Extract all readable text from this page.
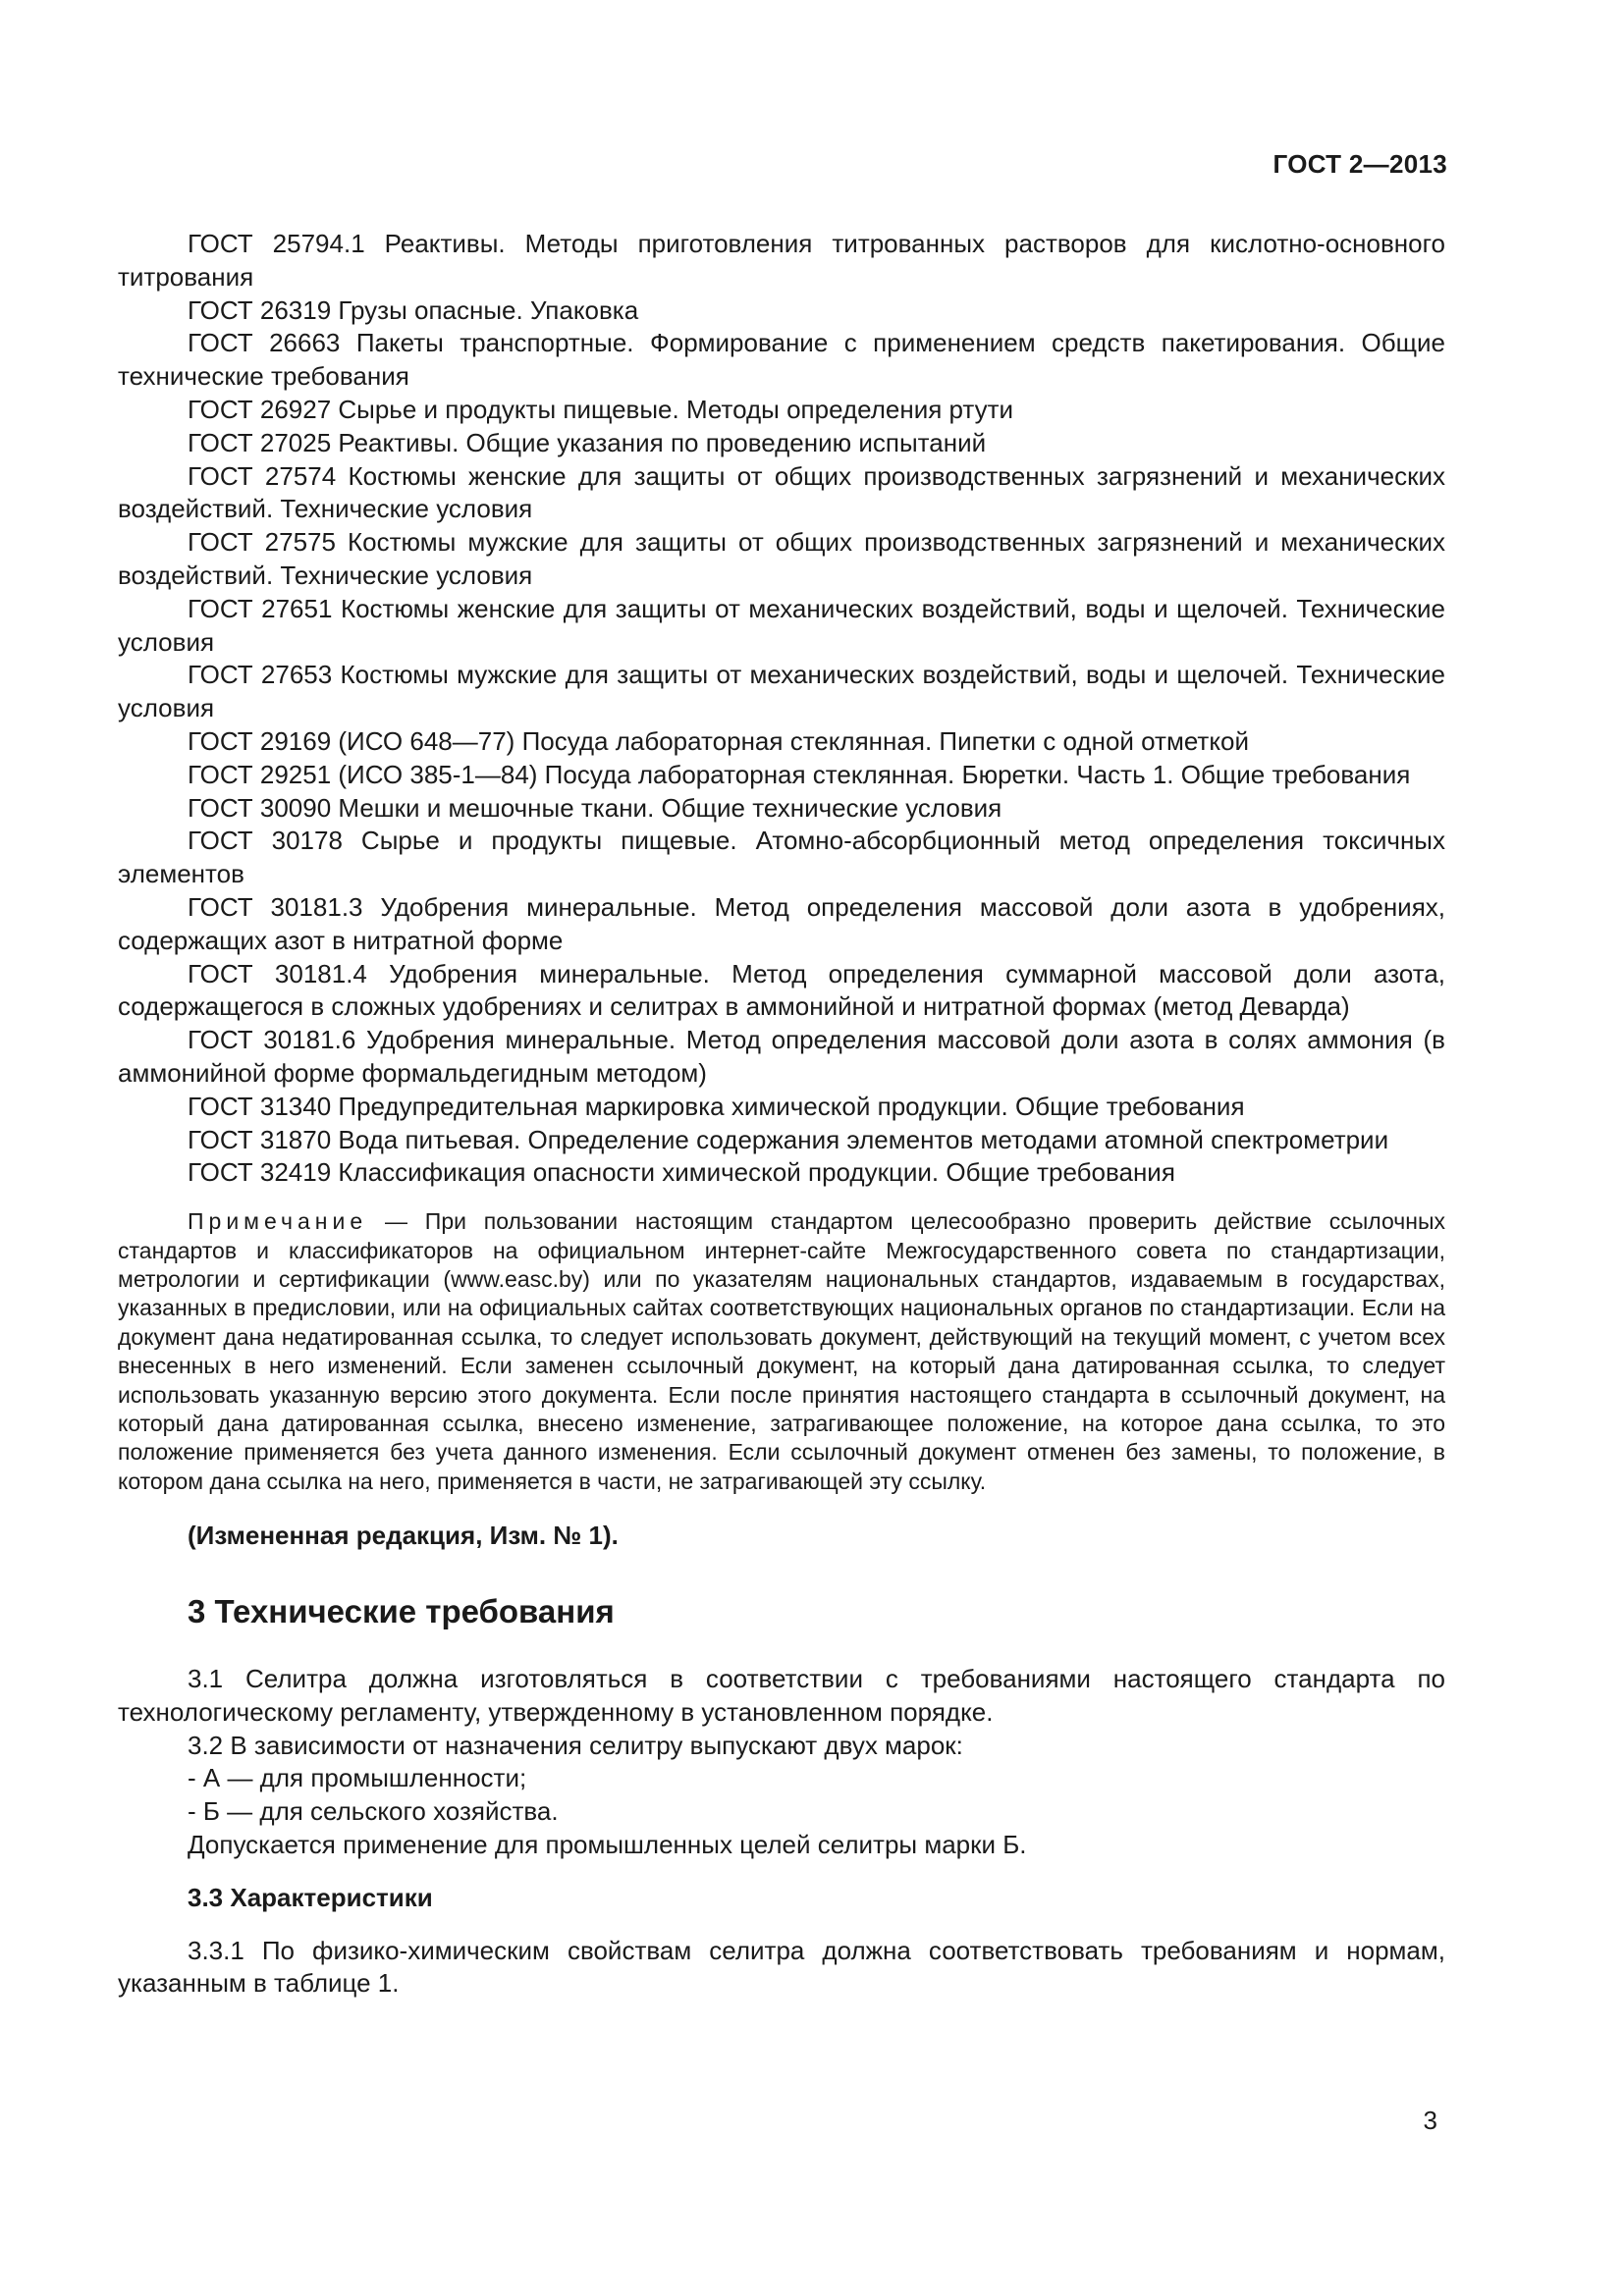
ГОСТ 2—2013

ГОСТ 25794.1 Реактивы. Методы приготовления титрованных растворов для кислотно-основного титрования

ГОСТ 26319 Грузы опасные. Упаковка

ГОСТ 26663 Пакеты транспортные. Формирование с применением средств пакетирования. Общие технические требования

ГОСТ 26927 Сырье и продукты пищевые. Методы определения ртути

ГОСТ 27025 Реактивы. Общие указания по проведению испытаний

ГОСТ 27574 Костюмы женские для защиты от общих производственных загрязнений и механических воздействий. Технические условия

ГОСТ 27575 Костюмы мужские для защиты от общих производственных загрязнений и механических воздействий. Технические условия

ГОСТ 27651 Костюмы женские для защиты от механических воздействий, воды и щелочей. Технические условия

ГОСТ 27653 Костюмы мужские для защиты от механических воздействий, воды и щелочей. Технические условия

ГОСТ 29169 (ИСО 648—77) Посуда лабораторная стеклянная. Пипетки с одной отметкой

ГОСТ 29251 (ИСО 385-1—84) Посуда лабораторная стеклянная. Бюретки. Часть 1. Общие требования

ГОСТ 30090 Мешки и мешочные ткани. Общие технические условия

ГОСТ 30178 Сырье и продукты пищевые. Атомно-абсорбционный метод определения токсичных элементов

ГОСТ 30181.3 Удобрения минеральные. Метод определения массовой доли азота в удобрениях, содержащих азот в нитратной форме

ГОСТ 30181.4 Удобрения минеральные. Метод определения суммарной массовой доли азота, содержащегося в сложных удобрениях и селитрах в аммонийной и нитратной формах (метод Деварда)

ГОСТ 30181.6 Удобрения минеральные. Метод определения массовой доли азота в солях аммония (в аммонийной форме формальдегидным методом)

ГОСТ 31340 Предупредительная маркировка химической продукции. Общие требования

ГОСТ 31870 Вода питьевая. Определение содержания элементов методами атомной спектрометрии

ГОСТ 32419 Классификация опасности химической продукции. Общие требования

Примечание — При пользовании настоящим стандартом целесообразно проверить действие ссылочных стандартов и классификаторов на официальном интернет-сайте Межгосударственного совета по стандартизации, метрологии и сертификации (www.easc.by) или по указателям национальных стандартов, издаваемым в государствах, указанных в предисловии, или на официальных сайтах соответствующих национальных органов по стандартизации. Если на документ дана недатированная ссылка, то следует использовать документ, действующий на текущий момент, с учетом всех внесенных в него изменений. Если заменен ссылочный документ, на который дана датированная ссылка, то следует использовать указанную версию этого документа. Если после принятия настоящего стандарта в ссылочный документ, на который дана датированная ссылка, внесено изменение, затрагивающее положение, на которое дана ссылка, то это положение применяется без учета данного изменения. Если ссылочный документ отменен без замены, то положение, в котором дана ссылка на него, применяется в части, не затрагивающей эту ссылку.

(Измененная редакция, Изм. № 1).
3 Технические требования

3.1 Селитра должна изготовляться в соответствии с требованиями настоящего стандарта по технологическому регламенту, утвержденному в установленном порядке.

3.2 В зависимости от назначения селитру выпускают двух марок:

- А — для промышленности;
- Б — для сельского хозяйства.
Допускается применение для промышленных целей селитры марки Б.
3.3 Характеристики

3.3.1 По физико-химическим свойствам селитра должна соответствовать требованиям и нормам, указанным в таблице 1.

3
